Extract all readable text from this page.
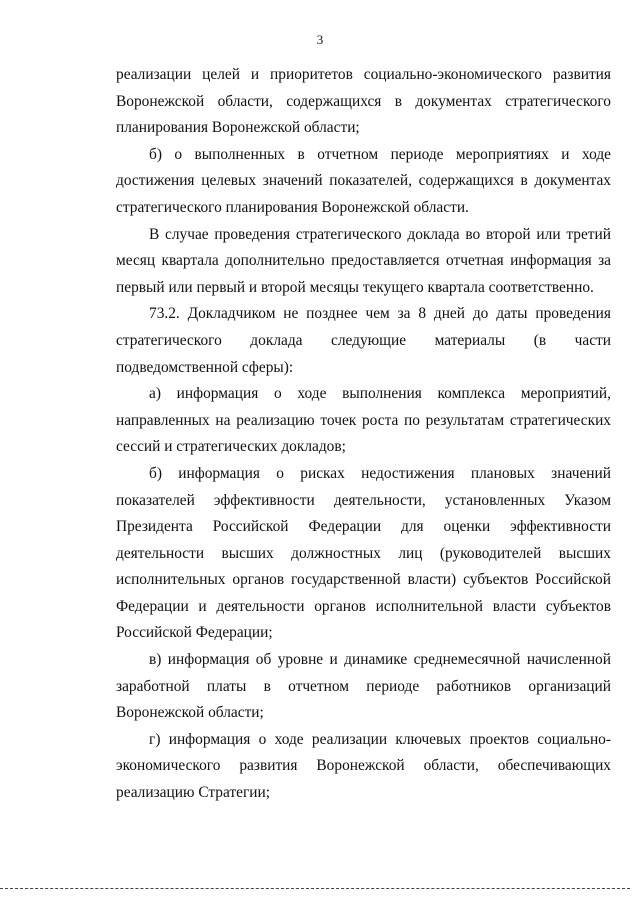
3

реализации целей и приоритетов социально-экономического развития Воронежской области, содержащихся в документах стратегического планирования Воронежской области;

б) о выполненных в отчетном периоде мероприятиях и ходе достижения целевых значений показателей, содержащихся в документах стратегического планирования Воронежской области.

В случае проведения стратегического доклада во второй или третий месяц квартала дополнительно предоставляется отчетная информация за первый или первый и второй месяцы текущего квартала соответственно.

73.2. Докладчиком не позднее чем за 8 дней до даты проведения стратегического доклада следующие материалы (в части подведомственной сферы):

а) информация о ходе выполнения комплекса мероприятий, направленных на реализацию точек роста по результатам стратегических сессий и стратегических докладов;

б) информация о рисках недостижения плановых значений показателей эффективности деятельности, установленных Указом Президента Российской Федерации для оценки эффективности деятельности высших должностных лиц (руководителей высших исполнительных органов государственной власти) субъектов Российской Федерации и деятельности органов исполнительной власти субъектов Российской Федерации;

в) информация об уровне и динамике среднемесячной начисленной заработной платы в отчетном периоде работников организаций Воронежской области;

г) информация о ходе реализации ключевых проектов социально-экономического развития Воронежской области, обеспечивающих реализацию Стратегии;
